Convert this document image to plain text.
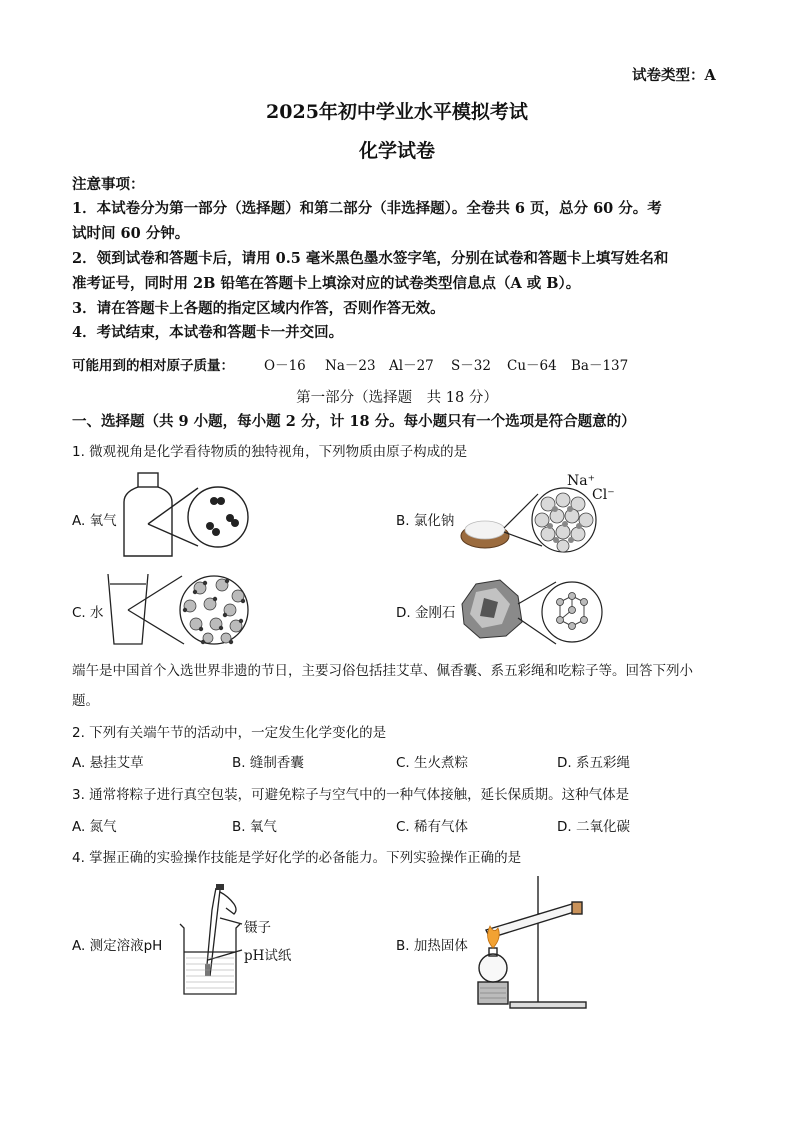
试卷类型：A
2025年初中学业水平模拟考试
化学试卷
注意事项：
1．本试卷分为第一部分（选择题）和第二部分（非选择题）。全卷共 6 页，总分 60 分。考
试时间 60 分钟。
2．领到试卷和答题卡后，请用 0.5 毫米黑色墨水签字笔，分别在试卷和答题卡上填写姓名和
准考证号，同时用 2B 铅笔在答题卡上填涂对应的试卷类型信息点（A 或 B）。
3．请在答题卡上各题的指定区域内作答，否则作答无效。
4．考试结束，本试卷和答题卡一并交回。
可能用到的相对原子质量： O－16 Na－23 Al－27 S－32 Cu－64 Ba－137
第一部分（选择题　共 18 分）
一、选择题（共 9 小题，每小题 2 分，计 18 分。每小题只有一个选项是符合题意的）
1. 微观视角是化学看待物质的独特视角，下列物质由原子构成的是
A. 氧气	B. 氯化钠
Na⁺
Cl⁻
C. 水	D. 金刚石
端午是中国首个入选世界非遗的节日，主要习俗包括挂艾草、佩香囊、系五彩绳和吃粽子等。回答下列小
题。
2. 下列有关端午节的活动中，一定发生化学变化的是
A. 悬挂艾草	B. 缝制香囊	C. 生火煮粽	D. 系五彩绳
3. 通常将粽子进行真空包装，可避免粽子与空气中的一种气体接触，延长保质期。这种气体是
A. 氮气	B. 氧气	C. 稀有气体	D. 二氧化碳
4. 掌握正确的实验操作技能是学好化学的必备能力。下列实验操作正确的是
A. 测定溶液pH
镊子
pH试纸
B. 加热固体
